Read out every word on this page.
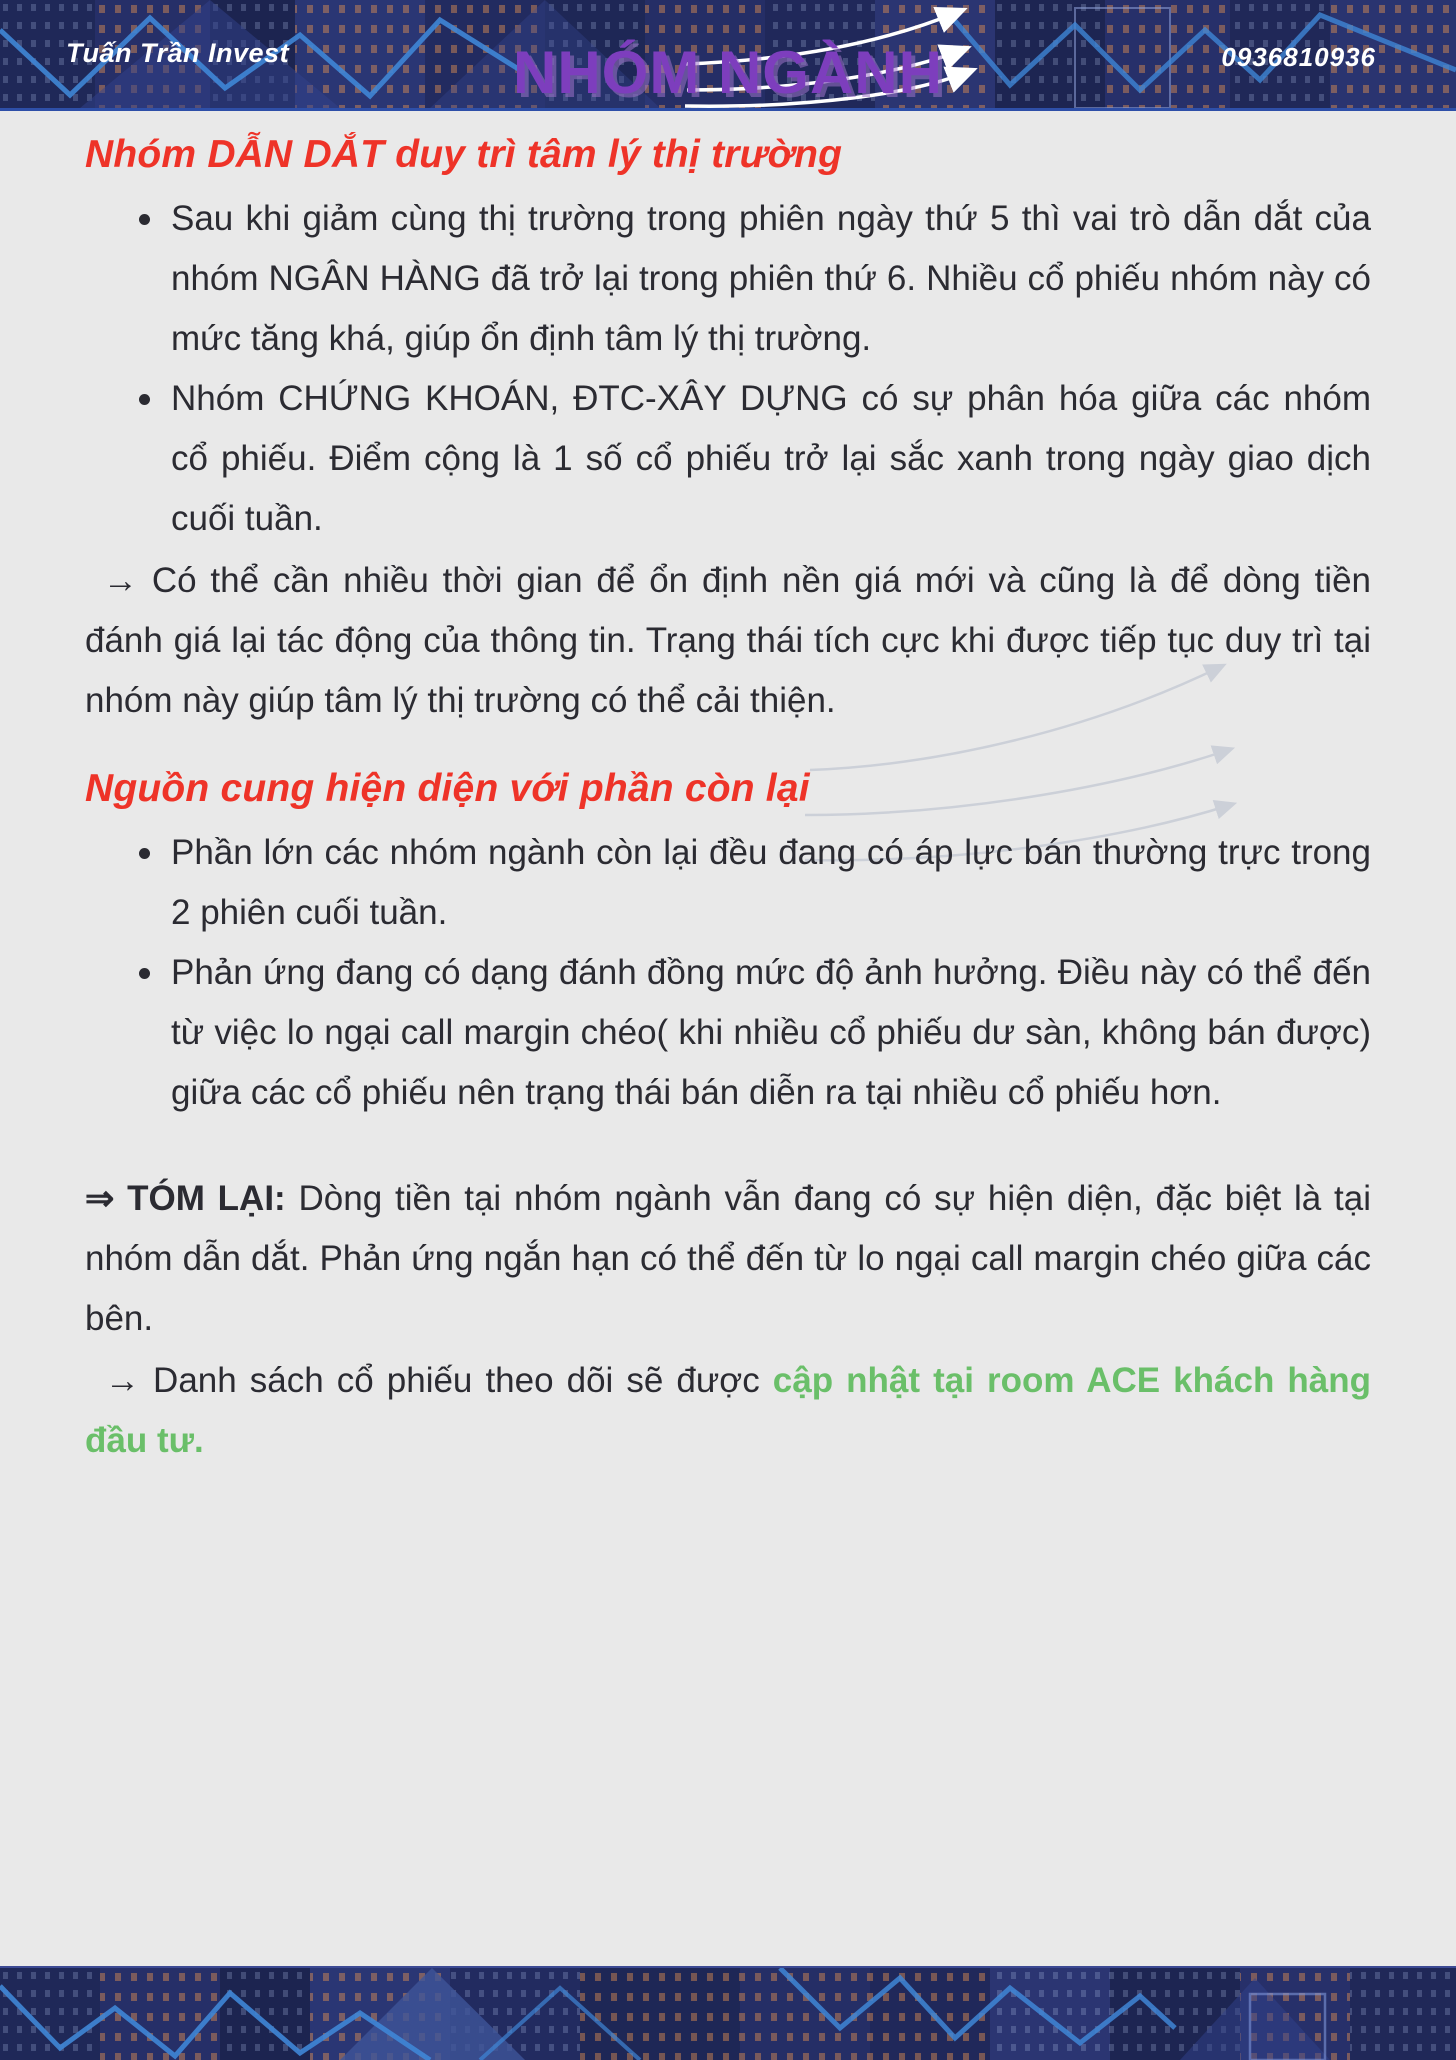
Tuấn Trần Invest	0936810936
NHÓM NGÀNH
Nhóm DẪN DẮT duy trì tâm lý thị trường
Sau khi giảm cùng thị trường trong phiên ngày thứ 5 thì vai trò dẫn dắt của nhóm NGÂN HÀNG đã trở lại trong phiên thứ 6. Nhiều cổ phiếu nhóm này có mức tăng khá, giúp ổn định tâm lý thị trường.
Nhóm CHỨNG KHOÁN, ĐTC-XÂY DỰNG có sự phân hóa giữa các nhóm cổ phiếu. Điểm cộng là 1 số cổ phiếu trở lại sắc xanh trong ngày giao dịch cuối tuần.

→ Có thể cần nhiều thời gian để ổn định nền giá mới và cũng là để dòng tiền đánh giá lại tác động của thông tin. Trạng thái tích cực khi được tiếp tục duy trì tại nhóm này giúp tâm lý thị trường có thể cải thiện.

Nguồn cung hiện diện với phần còn lại
Phần lớn các nhóm ngành còn lại đều đang có áp lực bán thường trực trong 2 phiên cuối tuần.
Phản ứng đang có dạng đánh đồng mức độ ảnh hưởng. Điều này có thể đến từ việc lo ngại call margin chéo( khi nhiều cổ phiếu dư sàn, không bán được) giữa các cổ phiếu nên trạng thái bán diễn ra tại nhiều cổ phiếu hơn.

⇒ TÓM LẠI: Dòng tiền tại nhóm ngành vẫn đang có sự hiện diện, đặc biệt là tại nhóm dẫn dắt. Phản ứng ngắn hạn có thể đến từ lo ngại call margin chéo giữa các bên.

→ Danh sách cổ phiếu theo dõi sẽ được cập nhật tại room ACE khách hàng đầu tư.
